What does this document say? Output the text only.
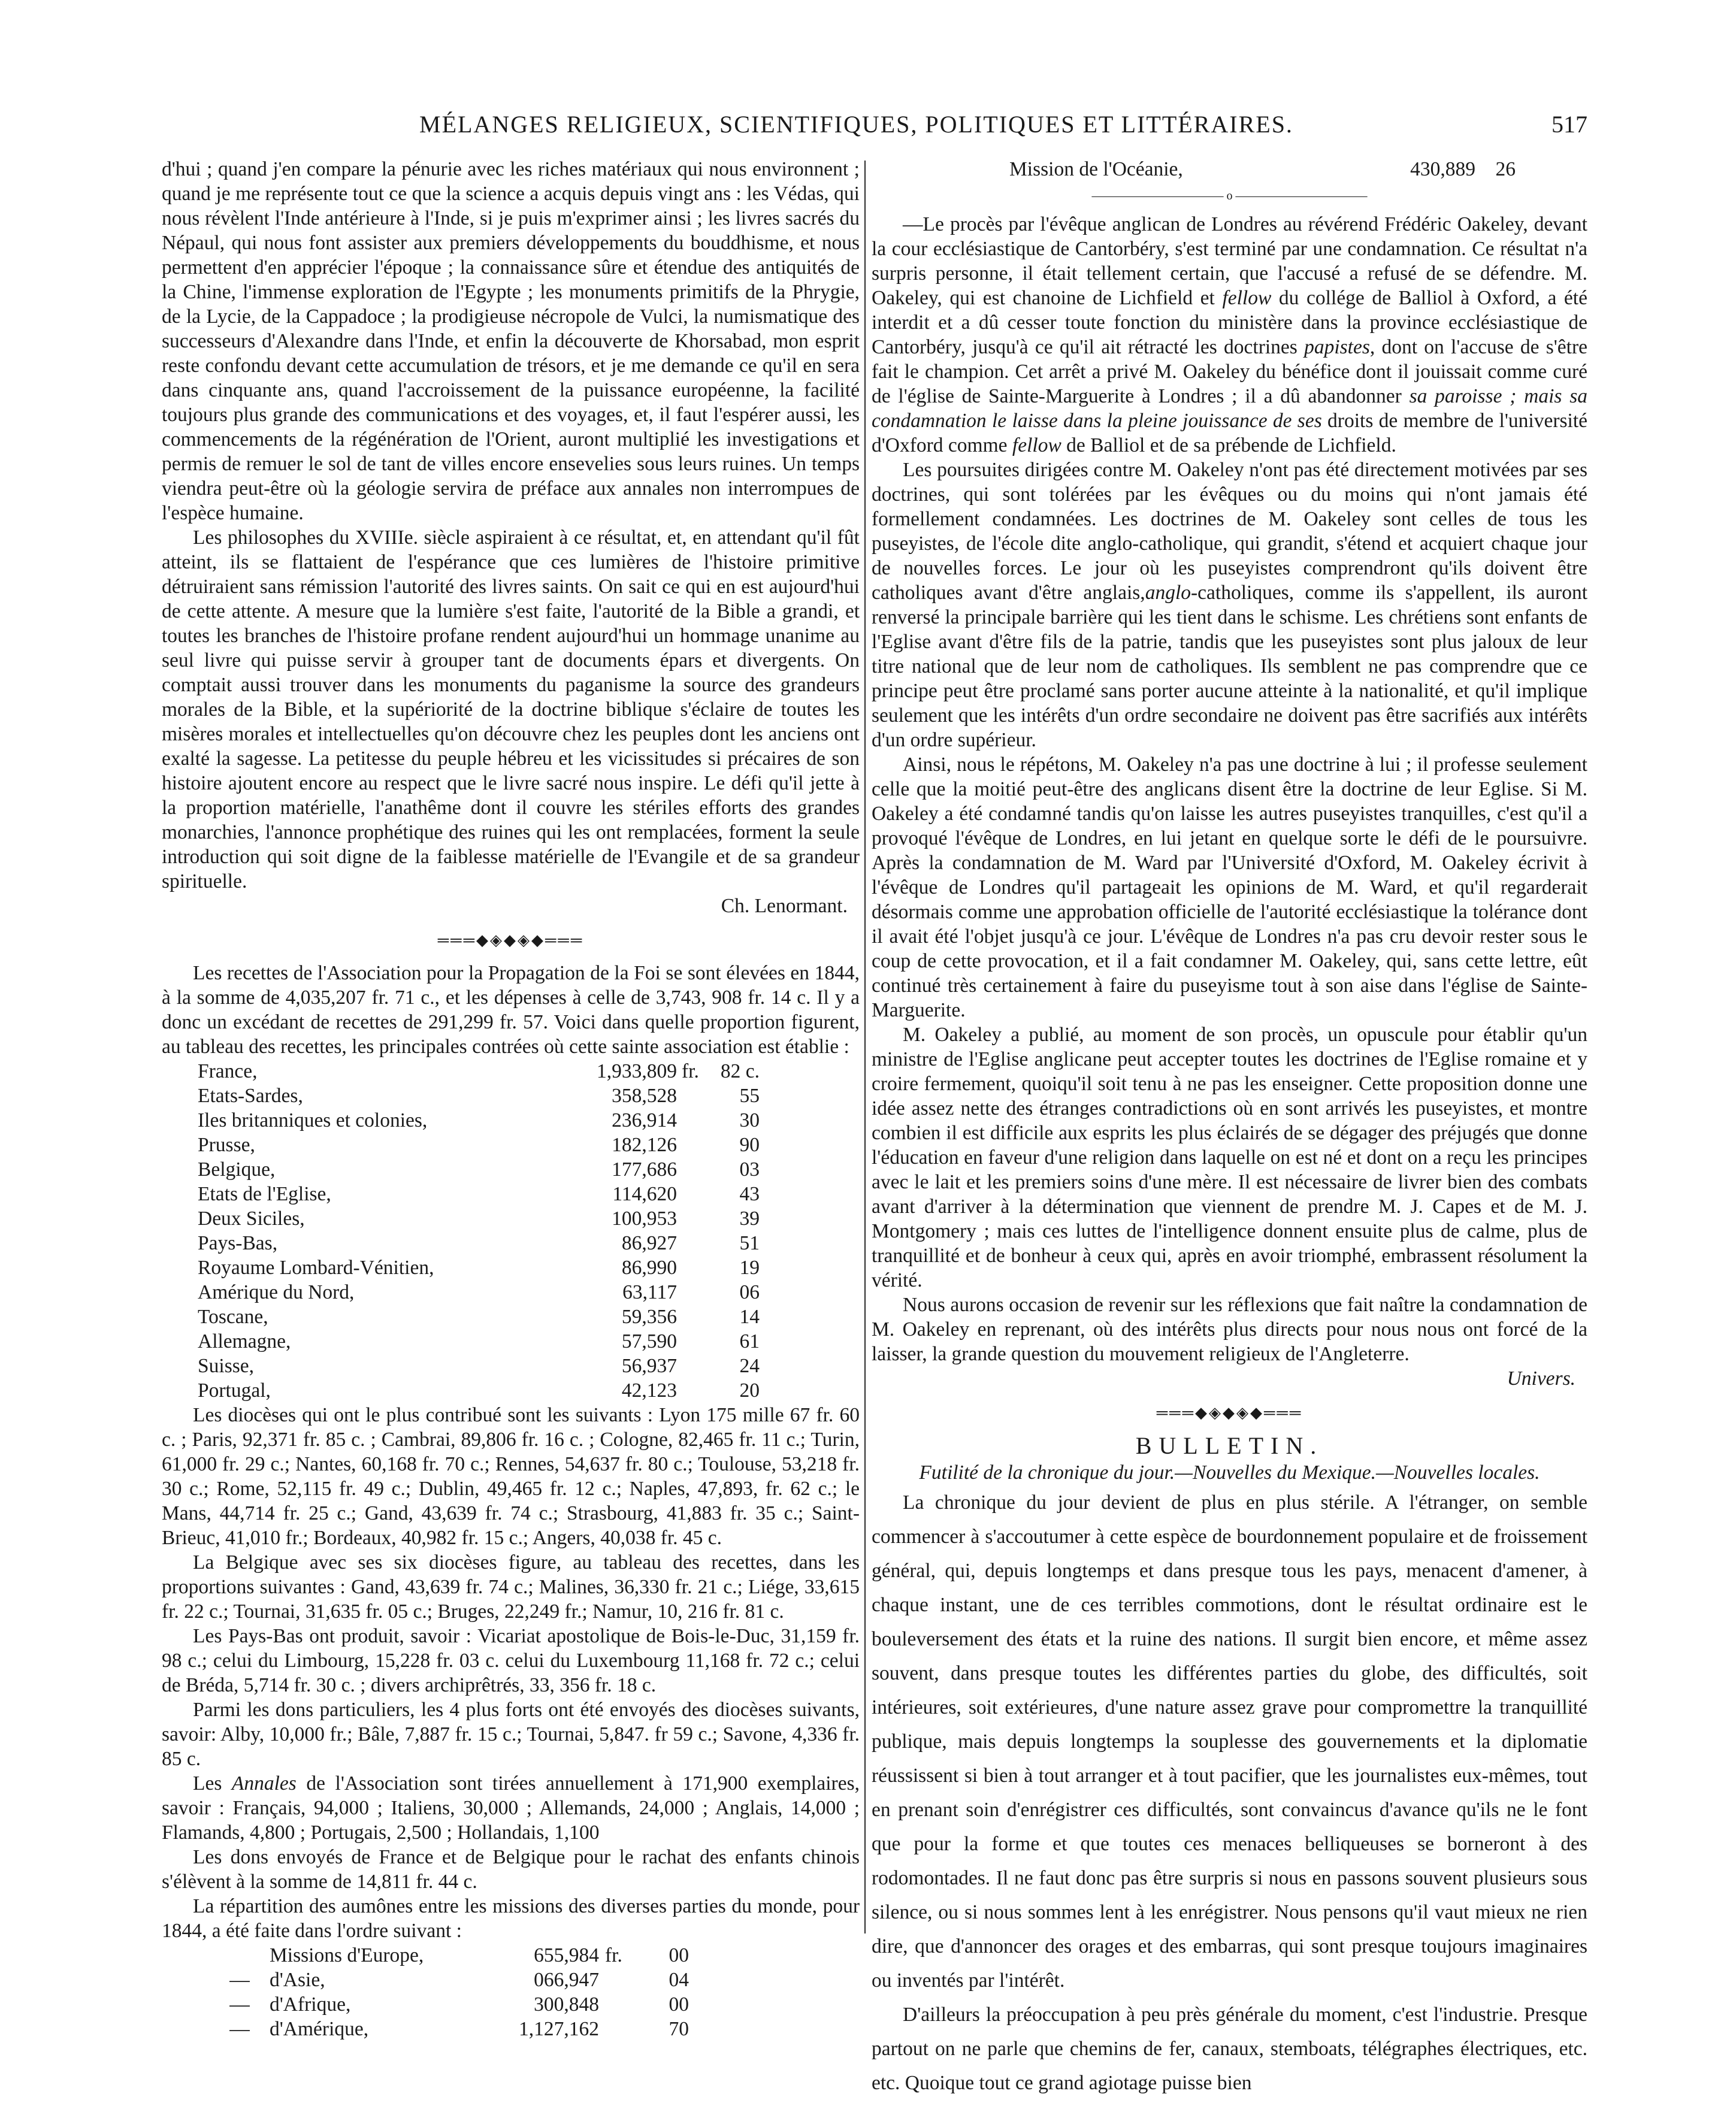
MÉLANGES RELIGIEUX, SCIENTIFIQUES, POLITIQUES ET LITTÉRAIRES.	517

d'hui ; quand j'en compare la pénurie avec les riches matériaux qui nous environnent ; quand je me représente tout ce que la science a acquis depuis vingt ans : les Védas, qui nous révèlent l'Inde antérieure à l'Inde, si je puis m'exprimer ainsi ; les livres sacrés du Népaul, qui nous font assister aux premiers développements du bouddhisme, et nous permettent d'en apprécier l'époque ; la connaissance sûre et étendue des antiquités de la Chine, l'immense exploration de l'Egypte ; les monuments primitifs de la Phrygie, de la Lycie, de la Cappadoce ; la prodigieuse nécropole de Vulci, la numismatique des successeurs d'Alexandre dans l'Inde, et enfin la découverte de Khorsabad, mon esprit reste confondu devant cette accumulation de trésors, et je me demande ce qu'il en sera dans cinquante ans, quand l'accroissement de la puissance européenne, la facilité toujours plus grande des communications et des voyages, et, il faut l'espérer aussi, les commencements de la régénération de l'Orient, auront multiplié les investigations et permis de remuer le sol de tant de villes encore ensevelies sous leurs ruines. Un temps viendra peut-être où la géologie servira de préface aux annales non interrompues de l'espèce humaine.

Les philosophes du XVIIIe. siècle aspiraient à ce résultat, et, en attendant qu'il fût atteint, ils se flattaient de l'espérance que ces lumières de l'histoire primitive détruiraient sans rémission l'autorité des livres saints. On sait ce qui en est aujourd'hui de cette attente. A mesure que la lumière s'est faite, l'autorité de la Bible a grandi, et toutes les branches de l'histoire profane rendent aujourd'hui un hommage unanime au seul livre qui puisse servir à grouper tant de documents épars et divergents. On comptait aussi trouver dans les monuments du paganisme la source des grandeurs morales de la Bible, et la supériorité de la doctrine biblique s'éclaire de toutes les misères morales et intellectuelles qu'on découvre chez les peuples dont les anciens ont exalté la sagesse. La petitesse du peuple hébreu et les vicissitudes si précaires de son histoire ajoutent encore au respect que le livre sacré nous inspire. Le défi qu'il jette à la proportion matérielle, l'anathême dont il couvre les stériles efforts des grandes monarchies, l'annonce prophétique des ruines qui les ont remplacées, forment la seule introduction qui soit digne de la faiblesse matérielle de l'Evangile et de sa grandeur spirituelle.

Ch. Lenormant.

═══◆◈◆◈◆═══

Les recettes de l'Association pour la Propagation de la Foi se sont élevées en 1844, à la somme de 4,035,207 fr. 71 c., et les dépenses à celle de 3,743, 908 fr. 14 c. Il y a donc un excédant de recettes de 291,299 fr. 57. Voici dans quelle proportion figurent, au tableau des recettes, les principales contrées où cette sainte association est établie :

France,	1,933,809	fr.	82 c.
Etats-Sardes,	358,528		55
Iles britanniques et colonies,	236,914		30
Prusse,	182,126		90
Belgique,	177,686		03
Etats de l'Eglise,	114,620		43
Deux Siciles,	100,953		39
Pays-Bas,	86,927		51
Royaume Lombard-Vénitien,	86,990		19
Amérique du Nord,	63,117		06
Toscane,	59,356		14
Allemagne,	57,590		61
Suisse,	56,937		24
Portugal,	42,123		20

Les diocèses qui ont le plus contribué sont les suivants : Lyon 175 mille 67 fr. 60 c. ; Paris, 92,371 fr. 85 c. ; Cambrai, 89,806 fr. 16 c. ; Cologne, 82,465 fr. 11 c.; Turin, 61,000 fr. 29 c.; Nantes, 60,168 fr. 70 c.; Rennes, 54,637 fr. 80 c.; Toulouse, 53,218 fr. 30 c.; Rome, 52,115 fr. 49 c.; Dublin, 49,465 fr. 12 c.; Naples, 47,893, fr. 62 c.; le Mans, 44,714 fr. 25 c.; Gand, 43,639 fr. 74 c.; Strasbourg, 41,883 fr. 35 c.; Saint-Brieuc, 41,010 fr.; Bordeaux, 40,982 fr. 15 c.; Angers, 40,038 fr. 45 c.

La Belgique avec ses six diocèses figure, au tableau des recettes, dans les proportions suivantes : Gand, 43,639 fr. 74 c.; Malines, 36,330 fr. 21 c.; Liége, 33,615 fr. 22 c.; Tournai, 31,635 fr. 05 c.; Bruges, 22,249 fr.; Namur, 10, 216 fr. 81 c.

Les Pays-Bas ont produit, savoir : Vicariat apostolique de Bois-le-Duc, 31,159 fr. 98 c.; celui du Limbourg, 15,228 fr. 03 c. celui du Luxembourg 11,168 fr. 72 c.; celui de Bréda, 5,714 fr. 30 c. ; divers archiprêtrés, 33, 356 fr. 18 c.

Parmi les dons particuliers, les 4 plus forts ont été envoyés des diocèses suivants, savoir: Alby, 10,000 fr.; Bâle, 7,887 fr. 15 c.; Tournai, 5,847. fr 59 c.; Savone, 4,336 fr. 85 c.

Les Annales de l'Association sont tirées annuellement à 171,900 exemplaires, savoir : Français, 94,000 ; Italiens, 30,000 ; Allemands, 24,000 ; Anglais, 14,000 ; Flamands, 4,800 ; Portugais, 2,500 ; Hollandais, 1,100

Les dons envoyés de France et de Belgique pour le rachat des enfants chinois s'élèvent à la somme de 14,811 fr. 44 c.

La répartition des aumônes entre les missions des diverses parties du monde, pour 1844, a été faite dans l'ordre suivant :

	Missions d'Europe,	655,984	fr.	00
—	d'Asie,	066,947		04
—	d'Afrique,	300,848		00
—	d'Amérique,	1,127,162		70
Mission de l'Océanie,	430,889 26
——————————— o ———————————

—Le procès par l'évêque anglican de Londres au révérend Frédéric Oakeley, devant la cour ecclésiastique de Cantorbéry, s'est terminé par une condamnation. Ce résultat n'a surpris personne, il était tellement certain, que l'accusé a refusé de se défendre. M. Oakeley, qui est chanoine de Lichfield et fellow du collége de Balliol à Oxford, a été interdit et a dû cesser toute fonction du ministère dans la province ecclésiastique de Cantorbéry, jusqu'à ce qu'il ait rétracté les doctrines papistes, dont on l'accuse de s'être fait le champion. Cet arrêt a privé M. Oakeley du bénéfice dont il jouissait comme curé de l'église de Sainte-Marguerite à Londres ; il a dû abandonner sa paroisse ; mais sa condamnation le laisse dans la pleine jouissance de ses droits de membre de l'université d'Oxford comme fellow de Balliol et de sa prébende de Lichfield.

Les poursuites dirigées contre M. Oakeley n'ont pas été directement motivées par ses doctrines, qui sont tolérées par les évêques ou du moins qui n'ont jamais été formellement condamnées. Les doctrines de M. Oakeley sont celles de tous les puseyistes, de l'école dite anglo-catholique, qui grandit, s'étend et acquiert chaque jour de nouvelles forces. Le jour où les puseyistes comprendront qu'ils doivent être catholiques avant d'être anglais,anglo-catholiques, comme ils s'appellent, ils auront renversé la principale barrière qui les tient dans le schisme. Les chrétiens sont enfants de l'Eglise avant d'être fils de la patrie, tandis que les puseyistes sont plus jaloux de leur titre national que de leur nom de catholiques. Ils semblent ne pas comprendre que ce principe peut être proclamé sans porter aucune atteinte à la nationalité, et qu'il implique seulement que les intérêts d'un ordre secondaire ne doivent pas être sacrifiés aux intérêts d'un ordre supérieur.

Ainsi, nous le répétons, M. Oakeley n'a pas une doctrine à lui ; il professe seulement celle que la moitié peut-être des anglicans disent être la doctrine de leur Eglise. Si M. Oakeley a été condamné tandis qu'on laisse les autres puseyistes tranquilles, c'est qu'il a provoqué l'évêque de Londres, en lui jetant en quelque sorte le défi de le poursuivre. Après la condamnation de M. Ward par l'Université d'Oxford, M. Oakeley écrivit à l'évêque de Londres qu'il partageait les opinions de M. Ward, et qu'il regarderait désormais comme une approbation officielle de l'autorité ecclésiastique la tolérance dont il avait été l'objet jusqu'à ce jour. L'évêque de Londres n'a pas cru devoir rester sous le coup de cette provocation, et il a fait condamner M. Oakeley, qui, sans cette lettre, eût continué très certainement à faire du puseyisme tout à son aise dans l'église de Sainte-Marguerite.

M. Oakeley a publié, au moment de son procès, un opuscule pour établir qu'un ministre de l'Eglise anglicane peut accepter toutes les doctrines de l'Eglise romaine et y croire fermement, quoiqu'il soit tenu à ne pas les enseigner. Cette proposition donne une idée assez nette des étranges contradictions où en sont arrivés les puseyistes, et montre combien il est difficile aux esprits les plus éclairés de se dégager des préjugés que donne l'éducation en faveur d'une religion dans laquelle on est né et dont on a reçu les principes avec le lait et les premiers soins d'une mère. Il est nécessaire de livrer bien des combats avant d'arriver à la détermination que viennent de prendre M. J. Capes et de M. J. Montgomery ; mais ces luttes de l'intelligence donnent ensuite plus de calme, plus de tranquillité et de bonheur à ceux qui, après en avoir triomphé, embrassent résolument la vérité.

Nous aurons occasion de revenir sur les réflexions que fait naître la condamnation de M. Oakeley en reprenant, où des intérêts plus directs pour nous nous ont forcé de la laisser, la grande question du mouvement religieux de l'Angleterre.

Univers.

═══◆◈◆◈◆═══
BULLETIN.
Futilité de la chronique du jour.—Nouvelles du Mexique.—Nouvelles locales.

La chronique du jour devient de plus en plus stérile. A l'étranger, on semble commencer à s'accoutumer à cette espèce de bourdonnement populaire et de froissement général, qui, depuis longtemps et dans presque tous les pays, menacent d'amener, à chaque instant, une de ces terribles commotions, dont le résultat ordinaire est le bouleversement des états et la ruine des nations. Il surgit bien encore, et même assez souvent, dans presque toutes les différentes parties du globe, des difficultés, soit intérieures, soit extérieures, d'une nature assez grave pour compromettre la tranquillité publique, mais depuis longtemps la souplesse des gouvernements et la diplomatie réussissent si bien à tout arranger et à tout pacifier, que les journalistes eux-mêmes, tout en prenant soin d'enrégistrer ces difficultés, sont convaincus d'avance qu'ils ne le font que pour la forme et que toutes ces menaces belliqueuses se borneront à des rodomontades. Il ne faut donc pas être surpris si nous en passons souvent plusieurs sous silence, ou si nous sommes lent à les enrégistrer. Nous pensons qu'il vaut mieux ne rien dire, que d'annoncer des orages et des embarras, qui sont presque toujours imaginaires ou inventés par l'intérêt.

D'ailleurs la préoccupation à peu près générale du moment, c'est l'industrie. Presque partout on ne parle que chemins de fer, canaux, stemboats, télégraphes électriques, etc. etc. Quoique tout ce grand agiotage puisse bien
